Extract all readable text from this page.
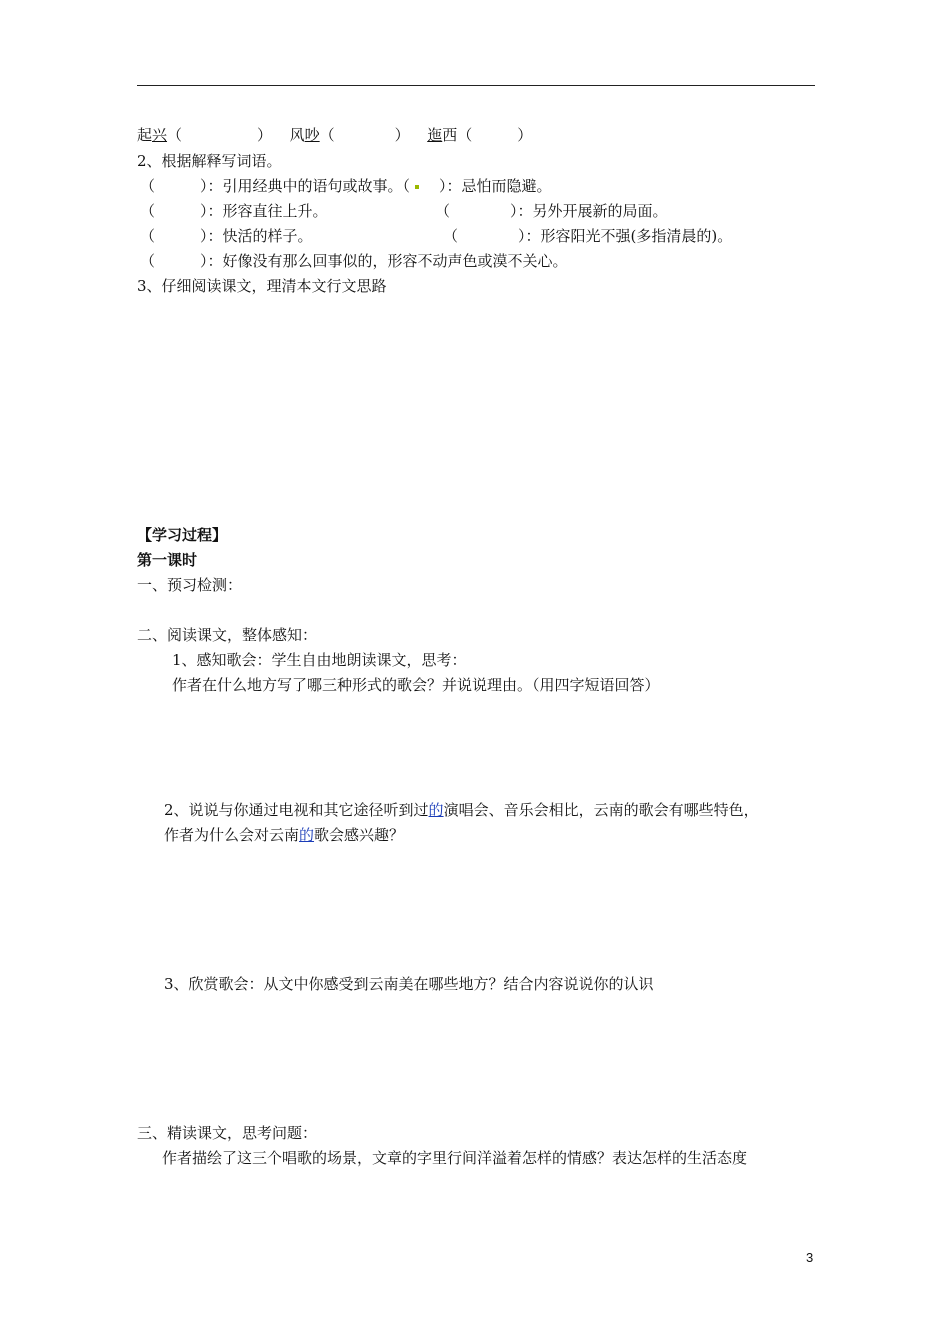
起兴（　　　　　） 风吵（　　　　） 迤西（　　　）
2、根据解释写词语。
（　　　）：引用经典中的语句或故事。（　）：忌怕而隐避。
（　　　）：形容直往上升。	（　　　　）：另外开展新的局面。
（　　　）：快活的样子。	（　　　　）：形容阳光不强(多指清晨的)。
（　　　）：好像没有那么回事似的，形容不动声色或漠不关心。
3、仔细阅读课文，理清本文行文思路
【学习过程】
第一课时
一、预习检测：
二、阅读课文，整体感知：
1、感知歌会：学生自由地朗读课文，思考：
作者在什么地方写了哪三种形式的歌会？并说说理由。（用四字短语回答）
2、说说与你通过电视和其它途径听到过的演唱会、音乐会相比，云南的歌会有哪些特色，
作者为什么会对云南的歌会感兴趣？
3、欣赏歌会：从文中你感受到云南美在哪些地方？结合内容说说你的认识
三、精读课文，思考问题：
作者描绘了这三个唱歌的场景，文章的字里行间洋溢着怎样的情感？表达怎样的生活态度
3
